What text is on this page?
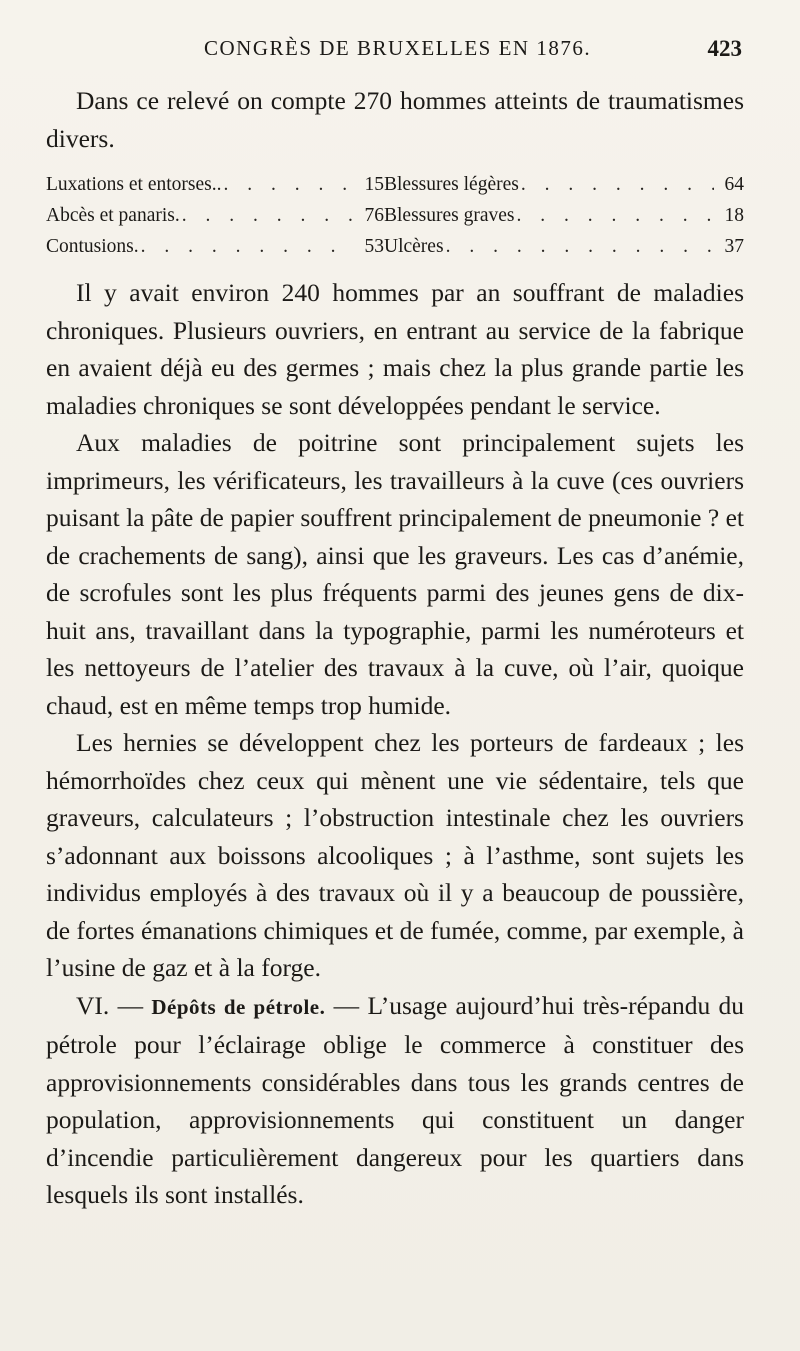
CONGRÈS DE BRUXELLES EN 1876.	423

Dans ce relevé on compte 270 hommes atteints de traumatismes divers.

Luxations et entorses.. . . .	15 Blessures légères . . .	64
Abcès et panaris. . . .	76 Blessures graves . . .	18
Contusions. . . .	53 Ulcères . . .	37

Il y avait environ 240 hommes par an souffrant de maladies chroniques. Plusieurs ouvriers, en entrant au service de la fabrique en avaient déjà eu des germes ; mais chez la plus grande partie les maladies chroniques se sont développées pendant le service.

Aux maladies de poitrine sont principalement sujets les imprimeurs, les vérificateurs, les travailleurs à la cuve (ces ouvriers puisant la pâte de papier souffrent principalement de pneumonie ? et de crachements de sang), ainsi que les graveurs. Les cas d’anémie, de scrofules sont les plus fréquents parmi des jeunes gens de dix-huit ans, travaillant dans la typographie, parmi les numéroteurs et les nettoyeurs de l’atelier des travaux à la cuve, où l’air, quoique chaud, est en même temps trop humide.

Les hernies se développent chez les porteurs de fardeaux ; les hémorrhoïdes chez ceux qui mènent une vie sédentaire, tels que graveurs, calculateurs ; l’obstruction intestinale chez les ouvriers s’adonnant aux boissons alcooliques ; à l’asthme, sont sujets les individus employés à des travaux où il y a beaucoup de poussière, de fortes émanations chimiques et de fumée, comme, par exemple, à l’usine de gaz et à la forge.

VI. — Dépôts de pétrole. — L’usage aujourd’hui très-répandu du pétrole pour l’éclairage oblige le commerce à constituer des approvisionnements considérables dans tous les grands centres de population, approvisionnements qui constituent un danger d’incendie particulièrement dangereux pour les quartiers dans lesquels ils sont installés.
